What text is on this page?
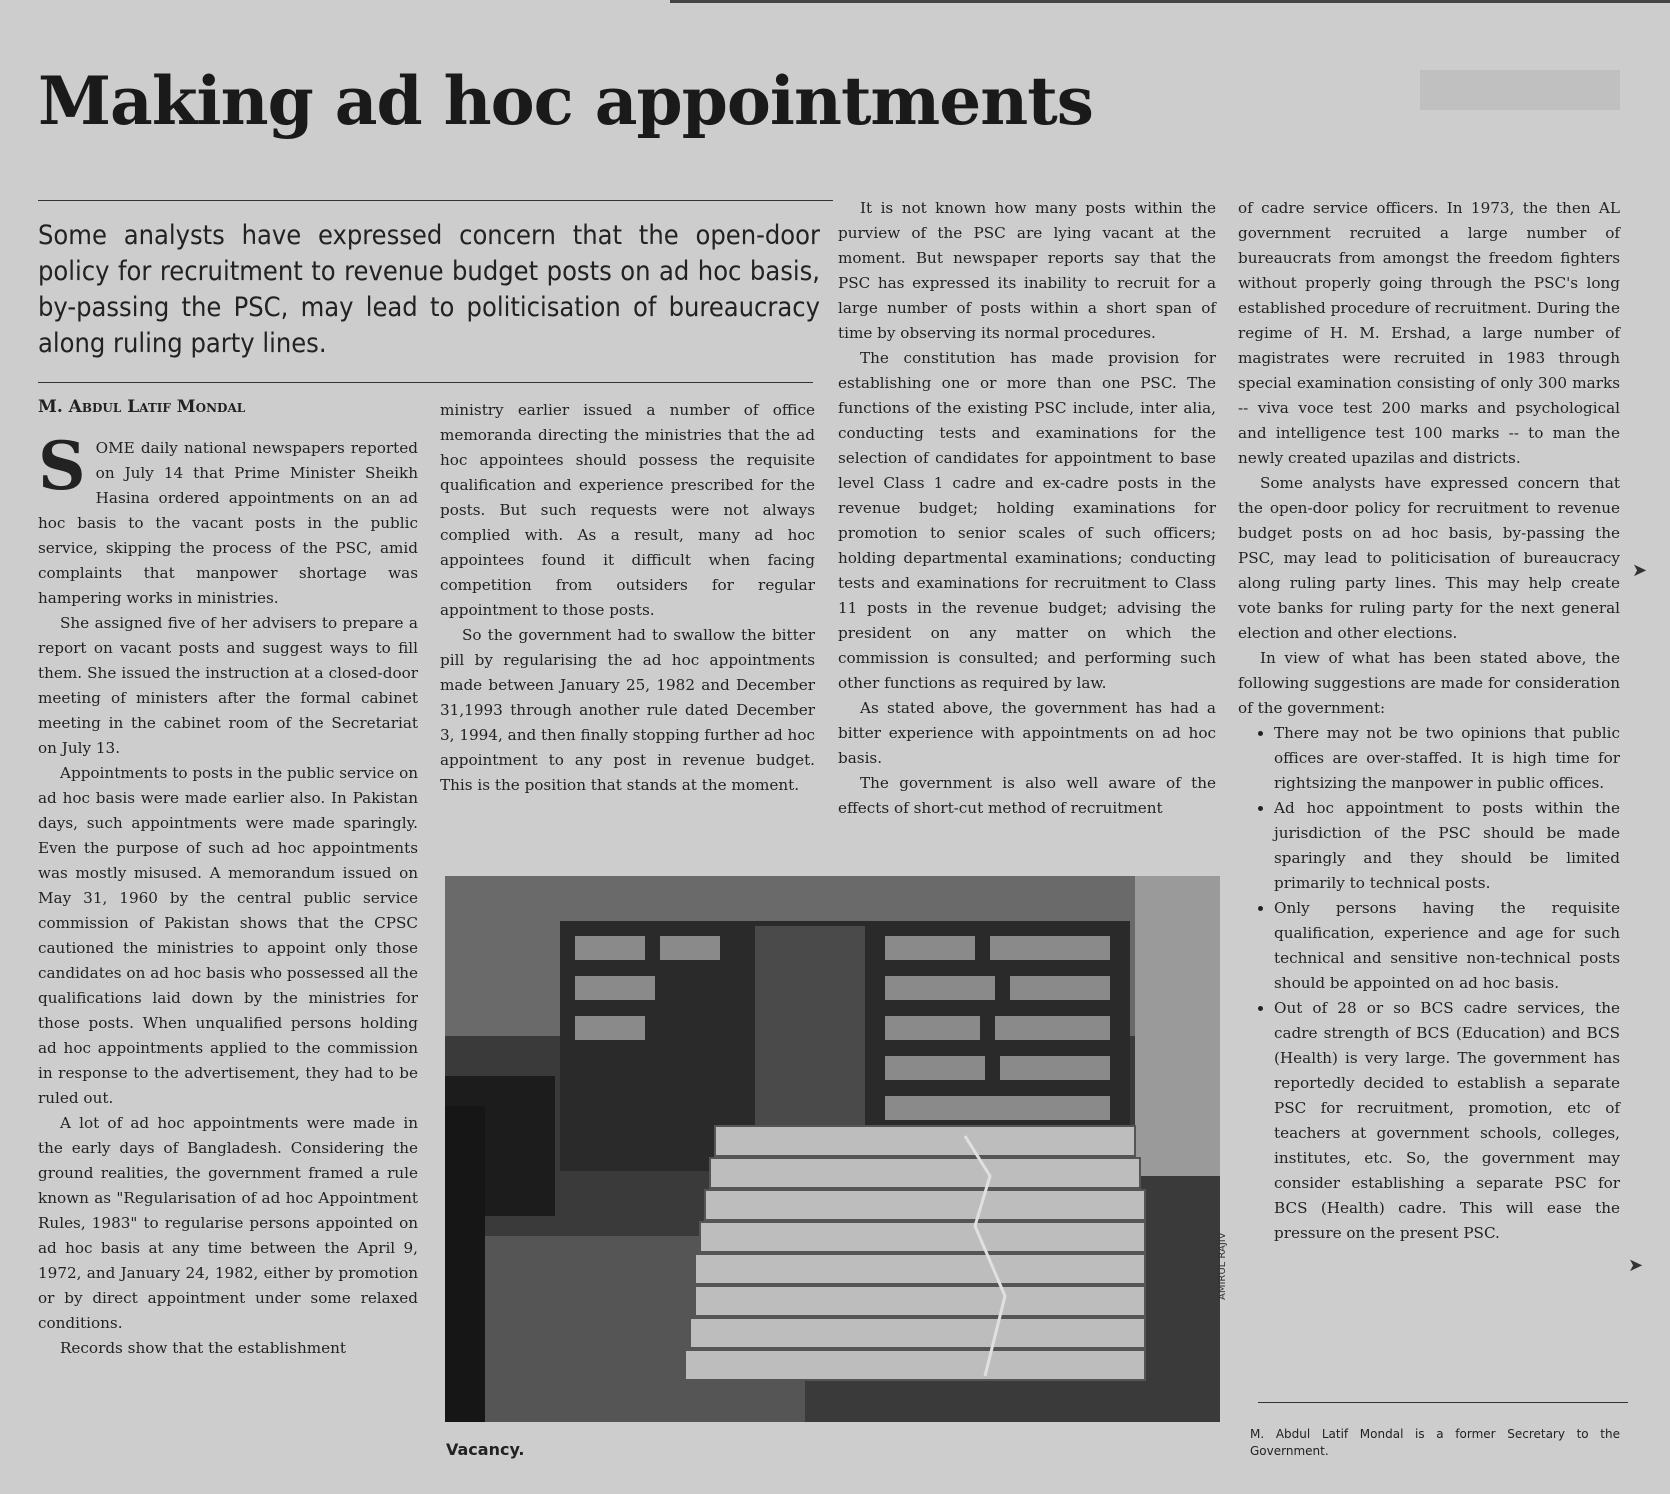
Making ad hoc appointments

Some analysts have expressed concern that the open-door policy for recruitment to revenue budget posts on ad hoc basis, by-passing the PSC, may lead to politicisation of bureaucracy along ruling party lines.

M. Abdul Latif Mondal

SOME daily national newspapers reported on July 14 that Prime Minister Sheikh Hasina ordered appointments on an ad hoc basis to the vacant posts in the public service, skipping the process of the PSC, amid complaints that manpower shortage was hampering works in ministries.

She assigned five of her advisers to prepare a report on vacant posts and suggest ways to fill them. She issued the instruction at a closed-door meeting of ministers after the formal cabinet meeting in the cabinet room of the Secretariat on July 13.

Appointments to posts in the public service on ad hoc basis were made earlier also. In Pakistan days, such appointments were made sparingly. Even the purpose of such ad hoc appointments was mostly misused. A memorandum issued on May 31, 1960 by the central public service commission of Pakistan shows that the CPSC cautioned the ministries to appoint only those candidates on ad hoc basis who possessed all the qualifications laid down by the ministries for those posts. When unqualified persons holding ad hoc appointments applied to the commission in response to the advertisement, they had to be ruled out.

A lot of ad hoc appointments were made in the early days of Bangladesh. Considering the ground realities, the government framed a rule known as "Regularisation of ad hoc Appointment Rules, 1983" to regularise persons appointed on ad hoc basis at any time between the April 9, 1972, and January 24, 1982, either by promotion or by direct appointment under some relaxed conditions.

Records show that the establishment

ministry earlier issued a number of office memoranda directing the ministries that the ad hoc appointees should possess the requisite qualification and experience prescribed for the posts. But such requests were not always complied with. As a result, many ad hoc appointees found it difficult when facing competition from outsiders for regular appointment to those posts.

So the government had to swallow the bitter pill by regularising the ad hoc appointments made between January 25, 1982 and December 31,1993 through another rule dated December 3, 1994, and then finally stopping further ad hoc appointment to any post in revenue budget. This is the position that stands at the moment.

It is not known how many posts within the purview of the PSC are lying vacant at the moment. But newspaper reports say that the PSC has expressed its inability to recruit for a large number of posts within a short span of time by observing its normal procedures.

The constitution has made provision for establishing one or more than one PSC. The functions of the existing PSC include, inter alia, conducting tests and examinations for the selection of candidates for appointment to base level Class 1 cadre and ex-cadre posts in the revenue budget; holding examinations for promotion to senior scales of such officers; holding departmental examinations; conducting tests and examinations for recruitment to Class 11 posts in the revenue budget; advising the president on any matter on which the commission is consulted; and performing such other functions as required by law.

As stated above, the government has had a bitter experience with appointments on ad hoc basis.

The government is also well aware of the effects of short-cut method of recruitment

of cadre service officers. In 1973, the then AL government recruited a large number of bureaucrats from amongst the freedom fighters without properly going through the PSC's long established procedure of recruitment. During the regime of H. M. Ershad, a large number of magistrates were recruited in 1983 through special examination consisting of only 300 marks -- viva voce test 200 marks and psychological and intelligence test 100 marks -- to man the newly created upazilas and districts.

Some analysts have expressed concern that the open-door policy for recruitment to revenue budget posts on ad hoc basis, by-passing the PSC, may lead to politicisation of bureaucracy along ruling party lines. This may help create vote banks for ruling party for the next general election and other elections.

In view of what has been stated above, the following suggestions are made for consideration of the government:

• There may not be two opinions that public offices are over-staffed. It is high time for rightsizing the manpower in public offices.
• Ad hoc appointment to posts within the jurisdiction of the PSC should be made sparingly and they should be limited primarily to technical posts.
• Only persons having the requisite qualification, experience and age for such technical and sensitive non-technical posts should be appointed on ad hoc basis.
• Out of 28 or so BCS cadre services, the cadre strength of BCS (Education) and BCS (Health) is very large. The government has reportedly decided to establish a separate PSC for recruitment, promotion, etc of teachers at government schools, colleges, institutes, etc. So, the government may consider establishing a separate PSC for BCS (Health) cadre. This will ease the pressure on the present PSC.
AMIRUL RAJIV

Vacancy.

M. Abdul Latif Mondal is a former Secretary to the Government.

➤
➤
